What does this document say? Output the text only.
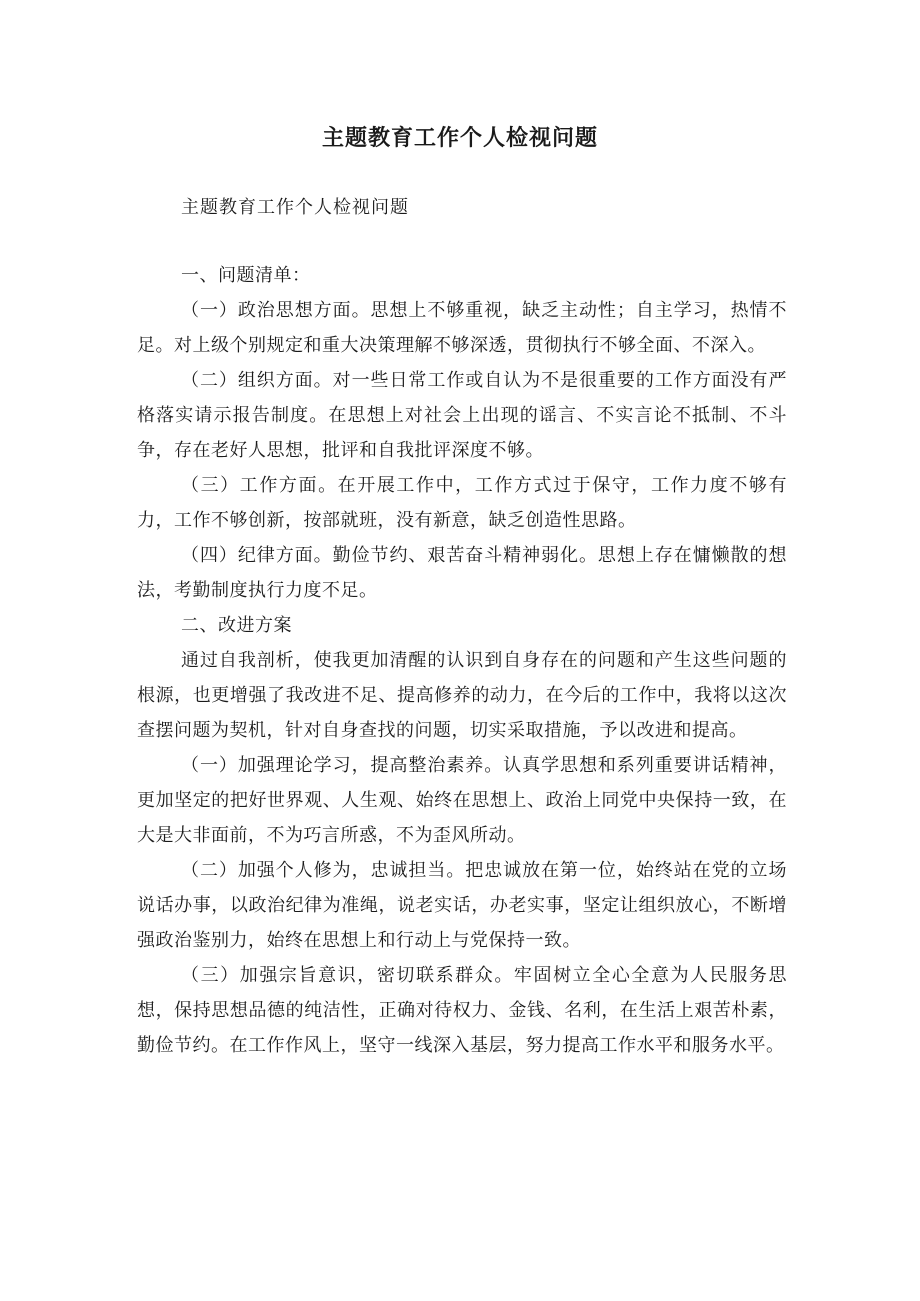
主题教育工作个人检视问题

主题教育工作个人检视问题

一、问题清单：

（一）政治思想方面。思想上不够重视，缺乏主动性；自主学习，热情不足。对上级个别规定和重大决策理解不够深透，贯彻执行不够全面、不深入。

（二）组织方面。对一些日常工作或自认为不是很重要的工作方面没有严格落实请示报告制度。在思想上对社会上出现的谣言、不实言论不抵制、不斗争，存在老好人思想，批评和自我批评深度不够。

（三）工作方面。在开展工作中，工作方式过于保守，工作力度不够有力，工作不够创新，按部就班，没有新意，缺乏创造性思路。

（四）纪律方面。勤俭节约、艰苦奋斗精神弱化。思想上存在慵懒散的想法，考勤制度执行力度不足。

二、改进方案

通过自我剖析，使我更加清醒的认识到自身存在的问题和产生这些问题的根源，也更增强了我改进不足、提高修养的动力，在今后的工作中，我将以这次查摆问题为契机，针对自身查找的问题，切实采取措施，予以改进和提高。

（一）加强理论学习，提高整治素养。认真学思想和系列重要讲话精神，更加坚定的把好世界观、人生观、始终在思想上、政治上同党中央保持一致，在大是大非面前，不为巧言所惑，不为歪风所动。

（二）加强个人修为，忠诚担当。把忠诚放在第一位，始终站在党的立场说话办事，以政治纪律为准绳，说老实话，办老实事，坚定让组织放心，不断增强政治鉴别力，始终在思想上和行动上与党保持一致。

（三）加强宗旨意识，密切联系群众。牢固树立全心全意为人民服务思想，保持思想品德的纯洁性，正确对待权力、金钱、名利，在生活上艰苦朴素，勤俭节约。在工作作风上，坚守一线深入基层，努力提高工作水平和服务水平。
